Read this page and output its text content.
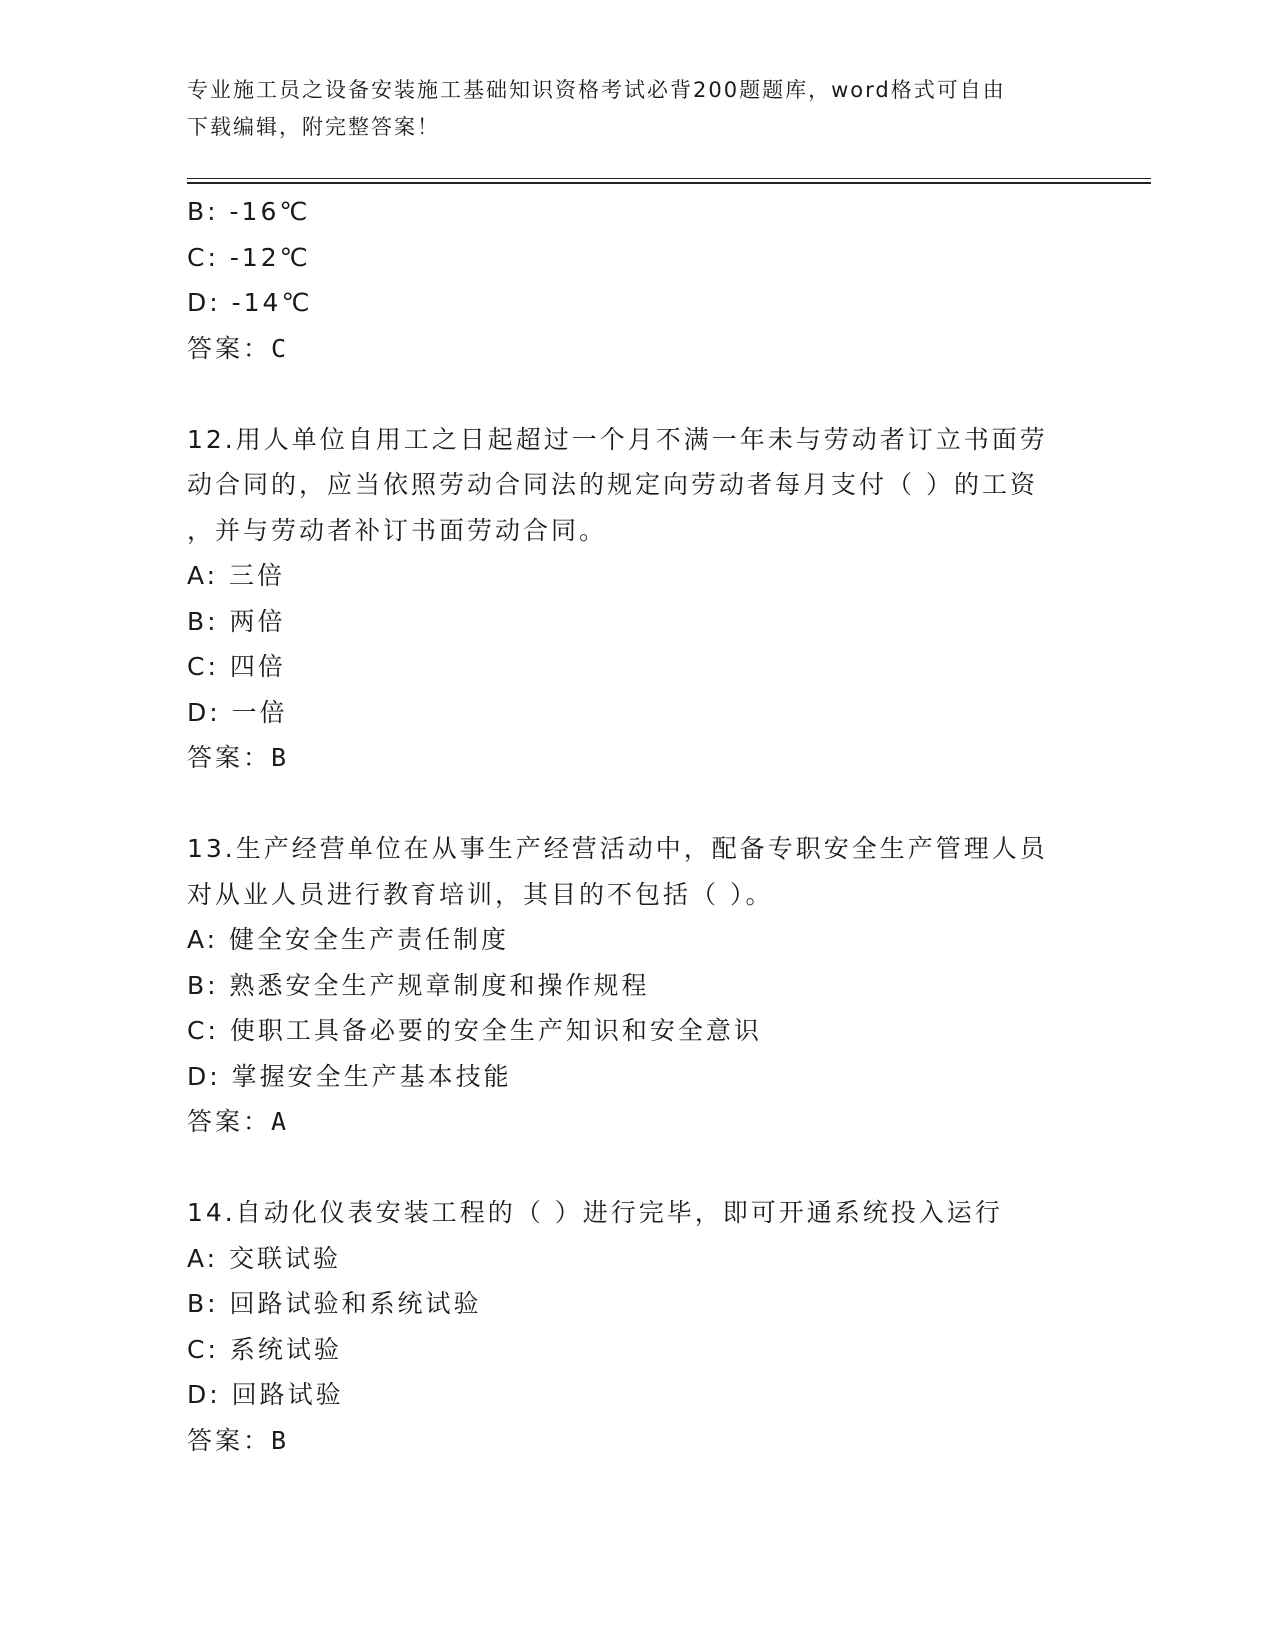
专业施工员之设备安装施工基础知识资格考试必背200题题库，word格式可自由
下载编辑，附完整答案！
B: -16℃
C: -12℃
D: -14℃
答案：C
12.用人单位自用工之日起超过一个月不满一年未与劳动者订立书面劳
动合同的，应当依照劳动合同法的规定向劳动者每月支付（ ）的工资
，并与劳动者补订书面劳动合同。
A: 三倍
B: 两倍
C: 四倍
D: 一倍
答案：B
13.生产经营单位在从事生产经营活动中，配备专职安全生产管理人员
对从业人员进行教育培训，其目的不包括（ ）。
A: 健全安全生产责任制度
B: 熟悉安全生产规章制度和操作规程
C: 使职工具备必要的安全生产知识和安全意识
D: 掌握安全生产基本技能
答案：A
14.自动化仪表安装工程的（ ）进行完毕，即可开通系统投入运行
A: 交联试验
B: 回路试验和系统试验
C: 系统试验
D: 回路试验
答案：B
